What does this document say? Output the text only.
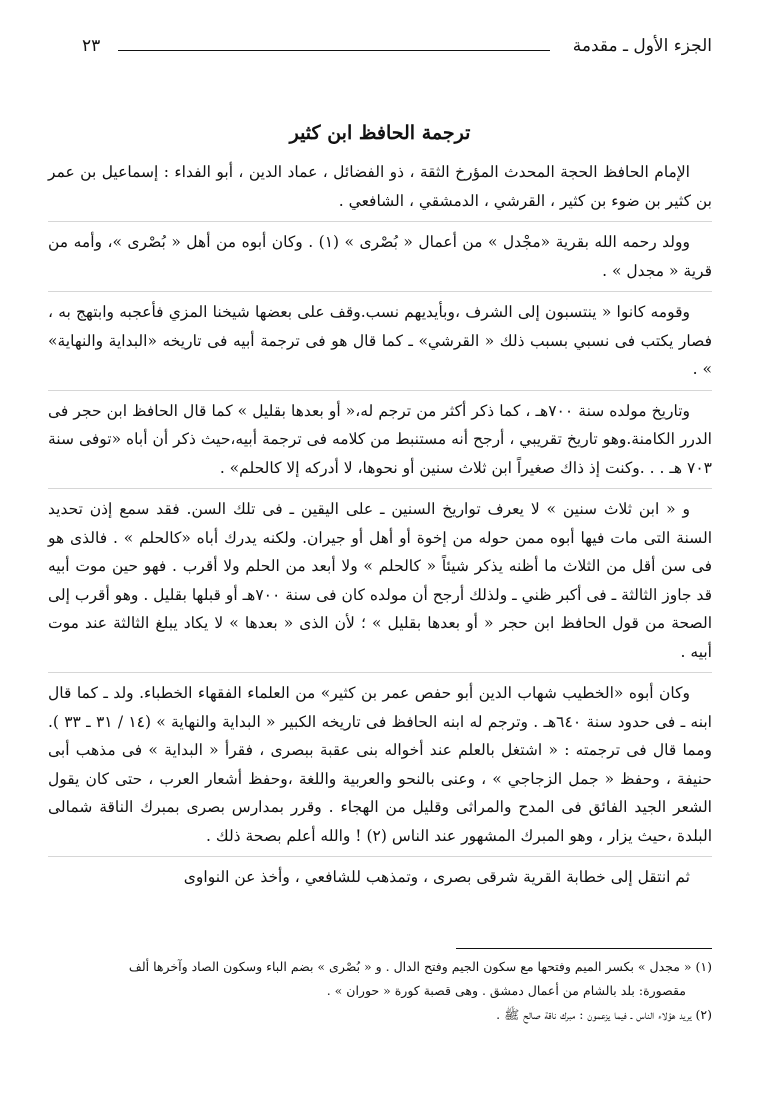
الجزء الأول ـ مقدمة
٢٣
ترجمة الحافظ ابن كثير

الإمام الحافظ الحجة المحدث المؤرخ الثقة ، ذو الفضائل ، عماد الدين ، أبو الفداء : إسماعيل بن عمر بن كثير بن ضوء بن كثير ، القرشي ، الدمشقي ، الشافعي .

وولد رحمه الله بقرية «مجْدل » من أعمال « بُصْرى » (١) . وكان أبوه من أهل « بُصْرى »، وأمه من قرية « مجدل » .

وقومه كانوا « ينتسبون إلى الشرف ،وبأيديهم نسب.وقف على بعضها شيخنا المزي فأعجبه وابتهج به ، فصار يكتب فى نسبي بسبب ذلك « القرشي» ـ كما قال هو فى ترجمة أبيه فى تاريخه «البداية والنهاية» » .

وتاريخ مولده سنة ٧٠٠هـ ، كما ذكر أكثر من ترجم له،« أو بعدها بقليل » كما قال الحافظ ابن حجر فى الدرر الكامنة.وهو تاريخ تقريبي ، أرجح أنه مستنبط من كلامه فى ترجمة أبيه،حيث ذكر أن أباه «توفى سنة ٧٠٣ هـ . . .وكنت إذ ذاك صغيراً ابن ثلاث سنين أو نحوها، لا أدركه إلا كالحلم» .

و « ابن ثلاث سنين » لا يعرف تواريخ السنين ـ على اليقين ـ فى تلك السن. فقد سمع إذن تحديد السنة التى مات فيها أبوه ممن حوله من إخوة أو أهل أو جيران. ولكنه يدرك أباه «كالحلم » . فالذى هو فى سن أقل من الثلاث ما أظنه يذكر شيئاً « كالحلم » ولا أبعد من الحلم ولا أقرب . فهو حين موت أبيه قد جاوز الثالثة ـ فى أكبر ظني ـ ولذلك أرجح أن مولده كان فى سنة ٧٠٠هـ أو قبلها بقليل . وهو أقرب إلى الصحة من قول الحافظ ابن حجر « أو بعدها بقليل » ؛ لأن الذى « بعدها » لا يكاد يبلغ الثالثة عند موت أبيه .

وكان أبوه «الخطيب شهاب الدين أبو حفص عمر بن كثير» من العلماء الفقهاء الخطباء. ولد ـ كما قال ابنه ـ فى حدود سنة ٦٤٠هـ . وترجم له ابنه الحافظ فى تاريخه الكبير « البداية والنهاية » (١٤ / ٣١ ـ ٣٣ ). ومما قال فى ترجمته : « اشتغل بالعلم عند أخواله بنى عقبة ببصرى ، فقرأ « البداية » فى مذهب أبى حنيفة ، وحفظ « جمل الزجاجي » ، وعنى بالنحو والعربية واللغة ،وحفظ أشعار العرب ، حتى كان يقول الشعر الجيد الفائق فى المدح والمراثى وقليل من الهجاء . وقرر بمدارس بصرى بمبرك الناقة شمالى البلدة ،حيث يزار ، وهو المبرك المشهور عند الناس (٢) ! والله أعلم بصحة ذلك .

ثم انتقل إلى خطابة القرية شرقى بصرى ، وتمذهب للشافعي ، وأخذ عن النواوى

(١) « مجدل » بكسر الميم وفتحها مع سكون الجيم وفتح الدال . و « بُصْرى » بضم الباء وسكون الصاد وآخرها ألف

مقصورة: بلد بالشام من أعمال دمشق . وهى قصبة كورة « حوران » .

(٢) يريد هؤلاء الناس ـ فيما يزعمون : مبرك ناقة صالح ﷺ .
